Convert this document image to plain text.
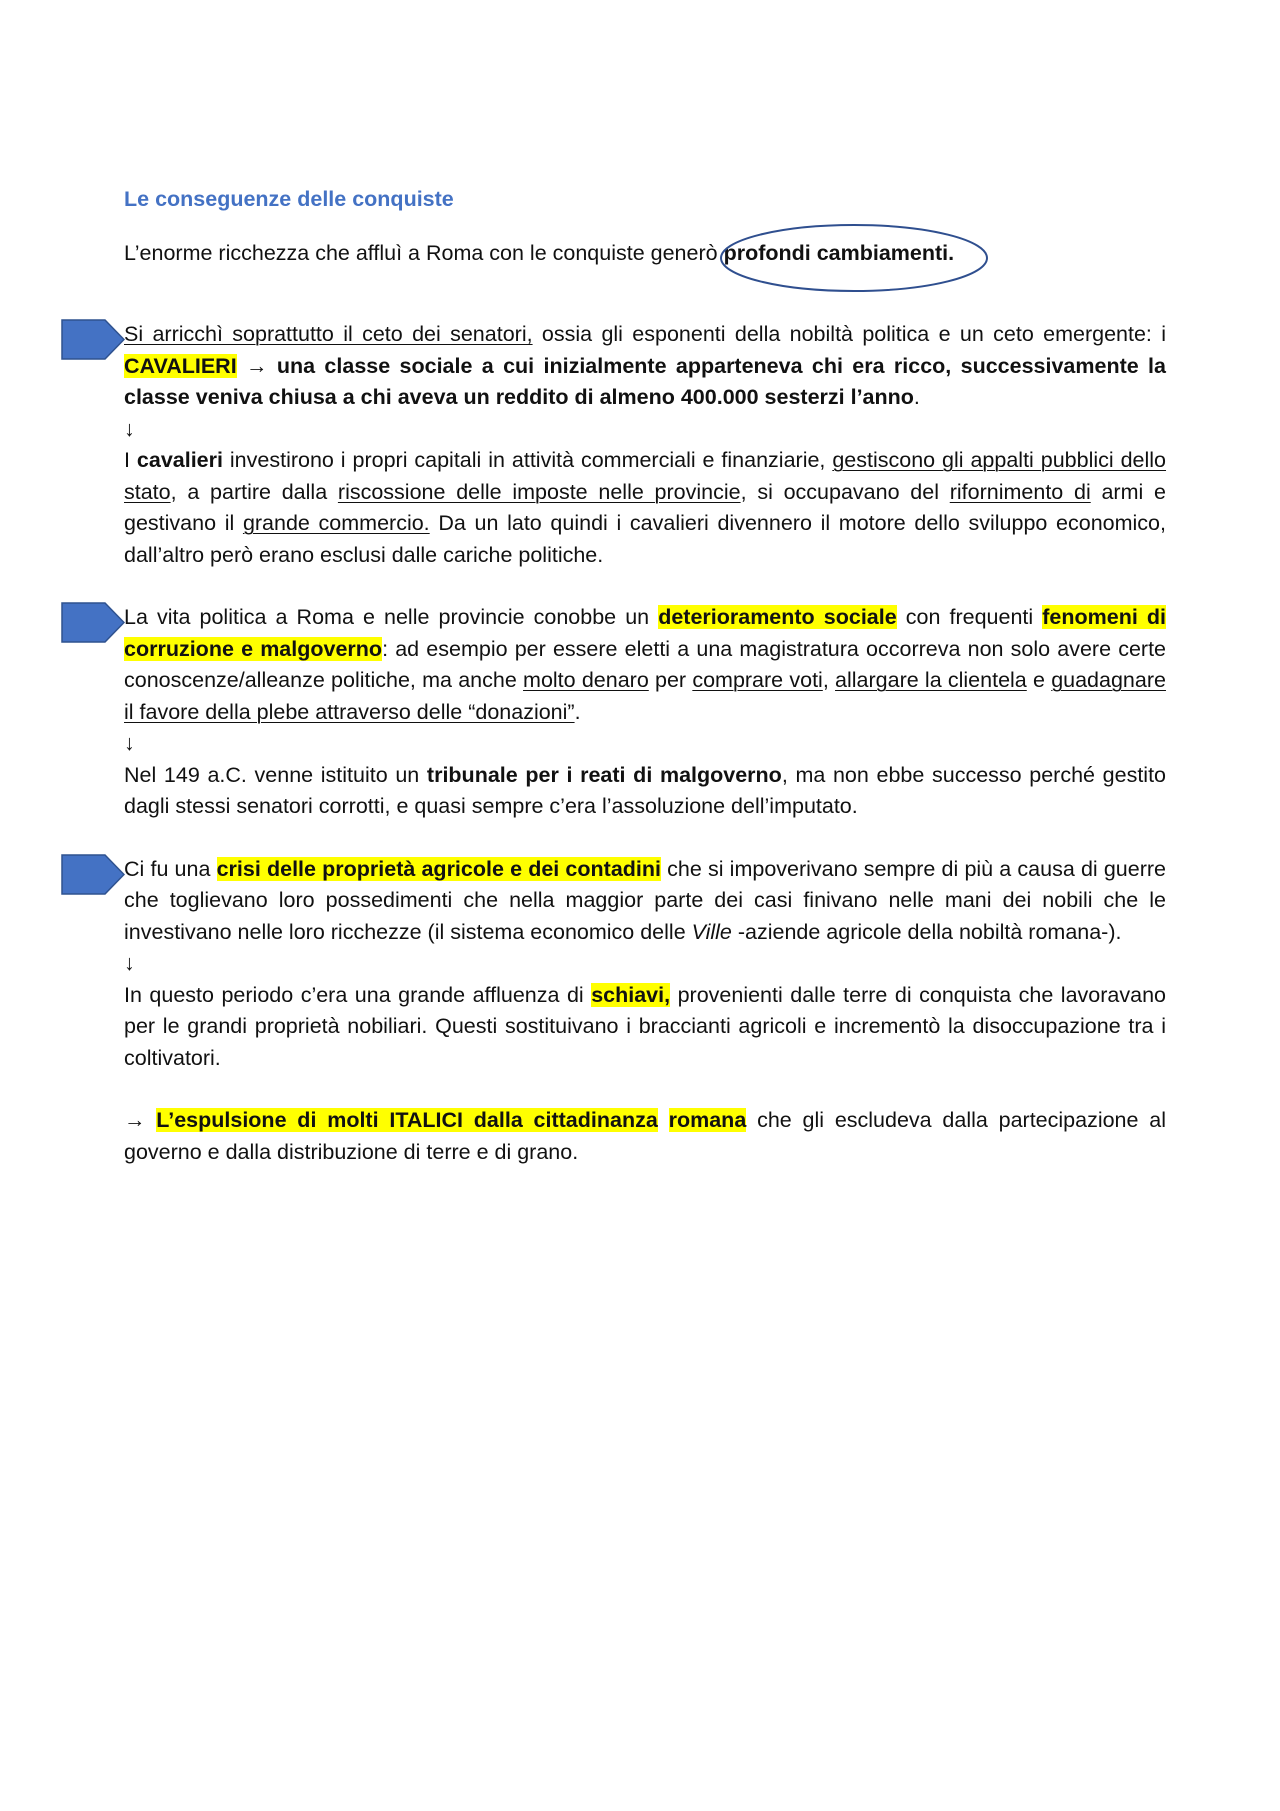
Le conseguenze delle conquiste

L’enorme ricchezza che affluì a Roma con le conquiste generò profondi cambiamenti.

Si arricchì soprattutto il ceto dei senatori, ossia gli esponenti della nobiltà politica e un ceto emergente: i CAVALIERI → una classe sociale a cui inizialmente apparteneva chi era ricco, successivamente la classe veniva chiusa a chi aveva un reddito di almeno 400.000 sesterzi l’anno.

↓

I cavalieri investirono i propri capitali in attività commerciali e finanziarie, gestiscono gli appalti pubblici dello stato, a partire dalla riscossione delle imposte nelle provincie, si occupavano del rifornimento di armi e gestivano il grande commercio. Da un lato quindi i cavalieri divennero il motore dello sviluppo economico, dall’altro però erano esclusi dalle cariche politiche.

La vita politica a Roma e nelle provincie conobbe un deterioramento sociale con frequenti fenomeni di corruzione e malgoverno: ad esempio per essere eletti a una magistratura occorreva non solo avere certe conoscenze/alleanze politiche, ma anche molto denaro per comprare voti, allargare la clientela e guadagnare il favore della plebe attraverso delle “donazioni”.

↓

Nel 149 a.C. venne istituito un tribunale per i reati di malgoverno, ma non ebbe successo perché gestito dagli stessi senatori corrotti, e quasi sempre c’era l’assoluzione dell’imputato.

Ci fu una crisi delle proprietà agricole e dei contadini che si impoverivano sempre di più a causa di guerre che toglievano loro possedimenti che nella maggior parte dei casi finivano nelle mani dei nobili che le investivano nelle loro ricchezze (il sistema economico delle Ville -aziende agricole della nobiltà romana-).

↓

In questo periodo c’era una grande affluenza di schiavi, provenienti dalle terre di conquista che lavoravano per le grandi proprietà nobiliari. Questi sostituivano i braccianti agricoli e incrementò la disoccupazione tra i coltivatori.

→ L’espulsione di molti ITALICI dalla cittadinanza romana che gli escludeva dalla partecipazione al governo e dalla distribuzione di terre e di grano.
